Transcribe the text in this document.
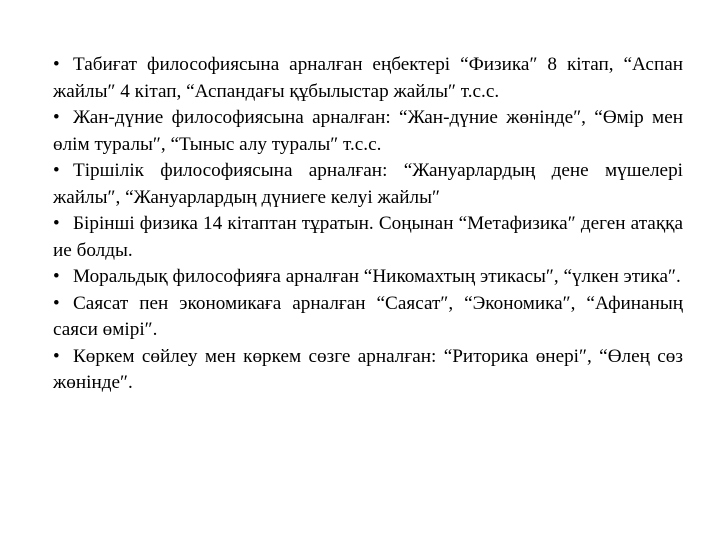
• Табиғат философиясына арналған еңбектері “Физика″ 8 кітап, “Аспан жайлы″ 4 кітап, “Аспандағы құбылыстар жайлы″ т.с.с.
• Жан-дүние философиясына арналған: “Жан-дүние жөнінде″, “Өмір мен өлім туралы″, “Тыныс алу туралы″ т.с.с.
• Тіршілік философиясына арналған: “Жануарлардың дене мүшелері жайлы″, “Жануарлардың дүниеге келуі жайлы″
• Бірінші физика 14 кітаптан тұратын. Соңынан “Метафизика″ деген атаққа ие болды.
• Моральдық философияға арналған “Никомахтың этикасы″, “үлкен этика″.
• Саясат пен экономикаға арналған “Саясат″, “Экономика″, “Афинаның саяси өмірі″.
• Көркем сөйлеу мен көркем сөзге арналған: “Риторика өнері″, “Өлең сөз жөнінде″.
